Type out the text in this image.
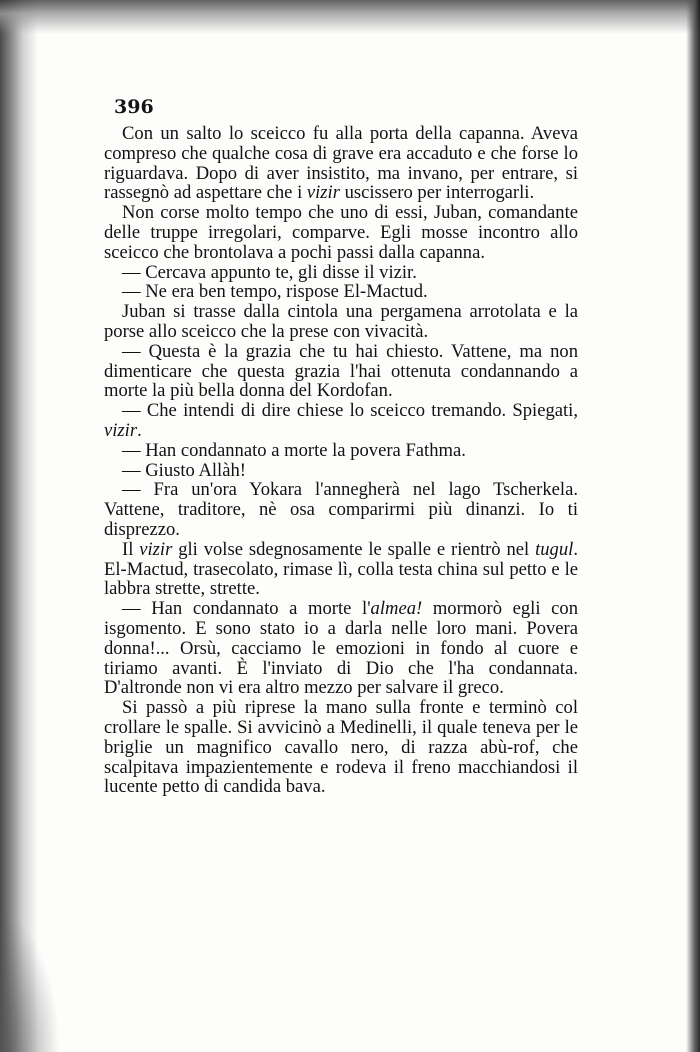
396

Con un salto lo sceicco fu alla porta della capanna. Aveva compreso che qualche cosa di grave era accaduto e che forse lo riguardava. Dopo di aver insistito, ma invano, per entrare, si rassegnò ad aspettare che i vizir uscissero per interrogarli.

Non corse molto tempo che uno di essi, Juban, comandante delle truppe irregolari, comparve. Egli mosse incontro allo sceicco che brontolava a pochi passi dalla capanna.

— Cercava appunto te, gli disse il vizir.

— Ne era ben tempo, rispose El-Mactud.

Juban si trasse dalla cintola una pergamena arrotolata e la porse allo sceicco che la prese con vivacità.

— Questa è la grazia che tu hai chiesto. Vattene, ma non dimenticare che questa grazia l'hai ottenuta condannando a morte la più bella donna del Kordofan.

— Che intendi di dire chiese lo sceicco tremando. Spiegati, vizir.

— Han condannato a morte la povera Fathma.

— Giusto Allàh!

— Fra un'ora Yokara l'annegherà nel lago Tscherkela. Vattene, traditore, nè osa comparirmi più dinanzi. Io ti disprezzo.

Il vizir gli volse sdegnosamente le spalle e rientrò nel tugul. El-Mactud, trasecolato, rimase lì, colla testa china sul petto e le labbra strette, strette.

— Han condannato a morte l'almea! mormorò egli con isgomento. E sono stato io a darla nelle loro mani. Povera donna!... Orsù, cacciamo le emozioni in fondo al cuore e tiriamo avanti. È l'inviato di Dio che l'ha condannata. D'altronde non vi era altro mezzo per salvare il greco.

Si passò a più riprese la mano sulla fronte e terminò col crollare le spalle. Si avvicinò a Medinelli, il quale teneva per le briglie un magnifico cavallo nero, di razza abù-rof, che scalpitava impazientemente e rodeva il freno macchiandosi il lucente petto di candida bava.
